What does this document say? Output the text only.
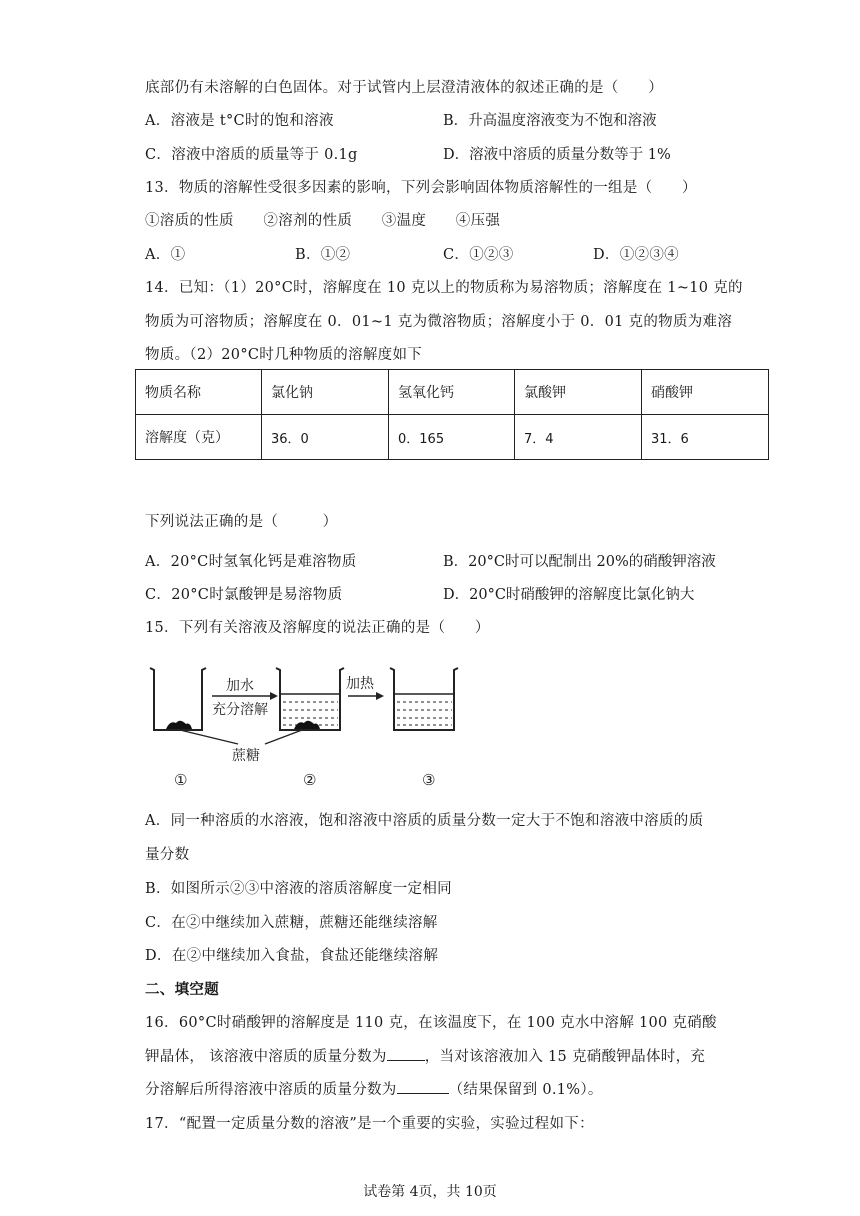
底部仍有未溶解的白色固体。对于试管内上层澄清液体的叙述正确的是（　　）
A．溶液是 t°C时的饱和溶液	B．升高温度溶液变为不饱和溶液
C．溶液中溶质的质量等于 0.1g	D．溶液中溶质的质量分数等于 1%
13．物质的溶解性受很多因素的影响，下列会影响固体物质溶解性的一组是（　　）
①溶质的性质　　②溶剂的性质　　③温度　　④压强
A．①	B．①②	C．①②③	D．①②③④
14．已知：（1）20°C时，溶解度在 10 克以上的物质称为易溶物质；溶解度在 1~10 克的
物质为可溶物质；溶解度在 0．01~1 克为微溶物质；溶解度小于 0．01 克的物质为难溶
物质。（2）20°C时几种物质的溶解度如下
物质名称	氯化钠	氢氧化钙	氯酸钾	硝酸钾
溶解度（克）	36．0	0．165	7．4	31．6
下列说法正确的是（　　　）
A．20°C时氢氧化钙是难溶物质	B．20°C时可以配制出 20%的硝酸钾溶液
C．20°C时氯酸钾是易溶物质	D．20°C时硝酸钾的溶解度比氯化钠大
15．下列有关溶液及溶解度的说法正确的是（　　）
加水
充分溶解
蔗糖
加热
①	②	③
A．同一种溶质的水溶液，饱和溶液中溶质的质量分数一定大于不饱和溶液中溶质的质
量分数
B．如图所示②③中溶液的溶质溶解度一定相同
C．在②中继续加入蔗糖，蔗糖还能继续溶解
D．在②中继续加入食盐，食盐还能继续溶解
二、填空题
16．60°C时硝酸钾的溶解度是 110 克，在该温度下，在 100 克水中溶解 100 克硝酸
钾晶体， 该溶液中溶质的质量分数为	，当对该溶液加入 15 克硝酸钾晶体时，充
分溶解后所得溶液中溶质的质量分数为	（结果保留到 0.1%）。
17．“配置一定质量分数的溶液”是一个重要的实验，实验过程如下：
试卷第 4页，共 10页
